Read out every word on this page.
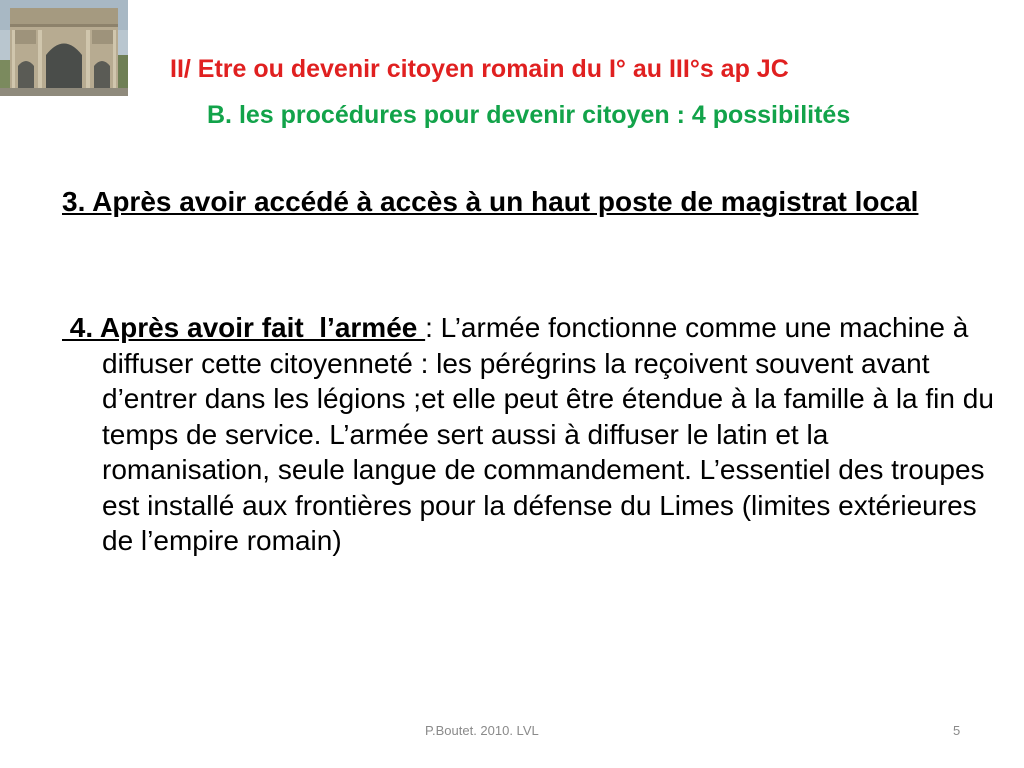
II/ Etre ou devenir citoyen romain du I° au III°s ap JC
B. les procédures pour devenir citoyen : 4 possibilités
3. Après avoir accédé à accès à un haut poste de magistrat local
4. Après avoir fait  l’armée : L’armée fonctionne comme une machine à diffuser cette citoyenneté : les pérégrins la reçoivent souvent avant d’entrer dans les légions ;et elle peut être étendue à la famille à la fin du temps de service. L’armée sert aussi à diffuser le latin et la romanisation, seule langue de commandement. L’essentiel des troupes est installé aux frontières pour la défense du Limes (limites extérieures de l’empire romain)
P.Boutet. 2010. LVL	5
